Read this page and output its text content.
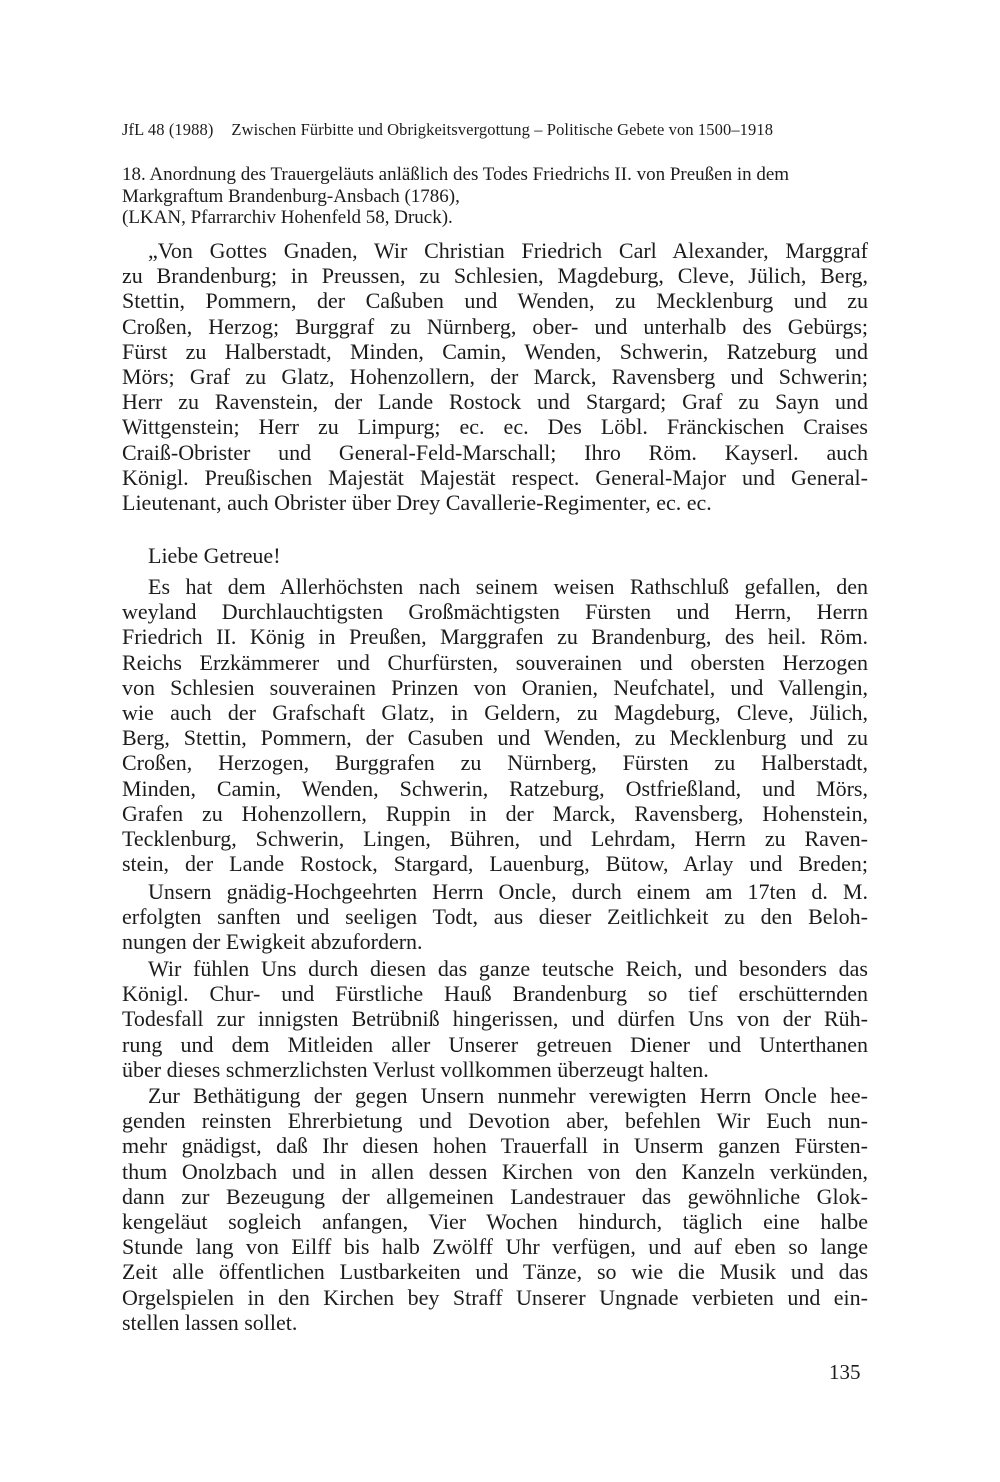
JfL 48 (1988) Zwischen Fürbitte und Obrigkeitsvergottung – Politische Gebete von 1500–1918
18. Anordnung des Trauergeläuts anläßlich des Todes Friedrichs II. von Preußen in dem
Markgraftum Brandenburg-Ansbach (1786),
(LKAN, Pfarrarchiv Hohenfeld 58, Druck).
„Von Gottes Gnaden, Wir Christian Friedrich Carl Alexander, Marggraf
zu Brandenburg; in Preussen, zu Schlesien, Magdeburg, Cleve, Jülich, Berg,
Stettin, Pommern, der Caßuben und Wenden, zu Mecklenburg und zu
Croßen, Herzog; Burggraf zu Nürnberg, ober- und unterhalb des Gebürgs;
Fürst zu Halberstadt, Minden, Camin, Wenden, Schwerin, Ratzeburg und
Mörs; Graf zu Glatz, Hohenzollern, der Marck, Ravensberg und Schwerin;
Herr zu Ravenstein, der Lande Rostock und Stargard; Graf zu Sayn und
Wittgenstein; Herr zu Limpurg; ec. ec. Des Löbl. Fränckischen Craises
Craiß-Obrister und General-Feld-Marschall; Ihro Röm. Kayserl. auch
Königl. Preußischen Majestät Majestät respect. General-Major und General-
Lieutenant, auch Obrister über Drey Cavallerie-Regimenter, ec. ec.
Liebe Getreue!
Es hat dem Allerhöchsten nach seinem weisen Rathschluß gefallen, den
weyland Durchlauchtigsten Großmächtigsten Fürsten und Herrn, Herrn
Friedrich II. König in Preußen, Marggrafen zu Brandenburg, des heil. Röm.
Reichs Erzkämmerer und Churfürsten, souverainen und obersten Herzogen
von Schlesien souverainen Prinzen von Oranien, Neufchatel, und Vallengin,
wie auch der Grafschaft Glatz, in Geldern, zu Magdeburg, Cleve, Jülich,
Berg, Stettin, Pommern, der Casuben und Wenden, zu Mecklenburg und zu
Croßen, Herzogen, Burggrafen zu Nürnberg, Fürsten zu Halberstadt,
Minden, Camin, Wenden, Schwerin, Ratzeburg, Ostfrießland, und Mörs,
Grafen zu Hohenzollern, Ruppin in der Marck, Ravensberg, Hohenstein,
Tecklenburg, Schwerin, Lingen, Bühren, und Lehrdam, Herrn zu Raven-
stein, der Lande Rostock, Stargard, Lauenburg, Bütow, Arlay und Breden;
Unsern gnädig-Hochgeehrten Herrn Oncle, durch einem am 17ten d. M.
erfolgten sanften und seeligen Todt, aus dieser Zeitlichkeit zu den Beloh-
nungen der Ewigkeit abzufordern.
Wir fühlen Uns durch diesen das ganze teutsche Reich, und besonders das
Königl. Chur- und Fürstliche Hauß Brandenburg so tief erschütternden
Todesfall zur innigsten Betrübniß hingerissen, und dürfen Uns von der Rüh-
rung und dem Mitleiden aller Unserer getreuen Diener und Unterthanen
über dieses schmerzlichsten Verlust vollkommen überzeugt halten.
Zur Bethätigung der gegen Unsern nunmehr verewigten Herrn Oncle hee-
genden reinsten Ehrerbietung und Devotion aber, befehlen Wir Euch nun-
mehr gnädigst, daß Ihr diesen hohen Trauerfall in Unserm ganzen Fürsten-
thum Onolzbach und in allen dessen Kirchen von den Kanzeln verkünden,
dann zur Bezeugung der allgemeinen Landestrauer das gewöhnliche Glok-
kengeläut sogleich anfangen, Vier Wochen hindurch, täglich eine halbe
Stunde lang von Eilff bis halb Zwölff Uhr verfügen, und auf eben so lange
Zeit alle öffentlichen Lustbarkeiten und Tänze, so wie die Musik und das
Orgelspielen in den Kirchen bey Straff Unserer Ungnade verbieten und ein-
stellen lassen sollet.
135
